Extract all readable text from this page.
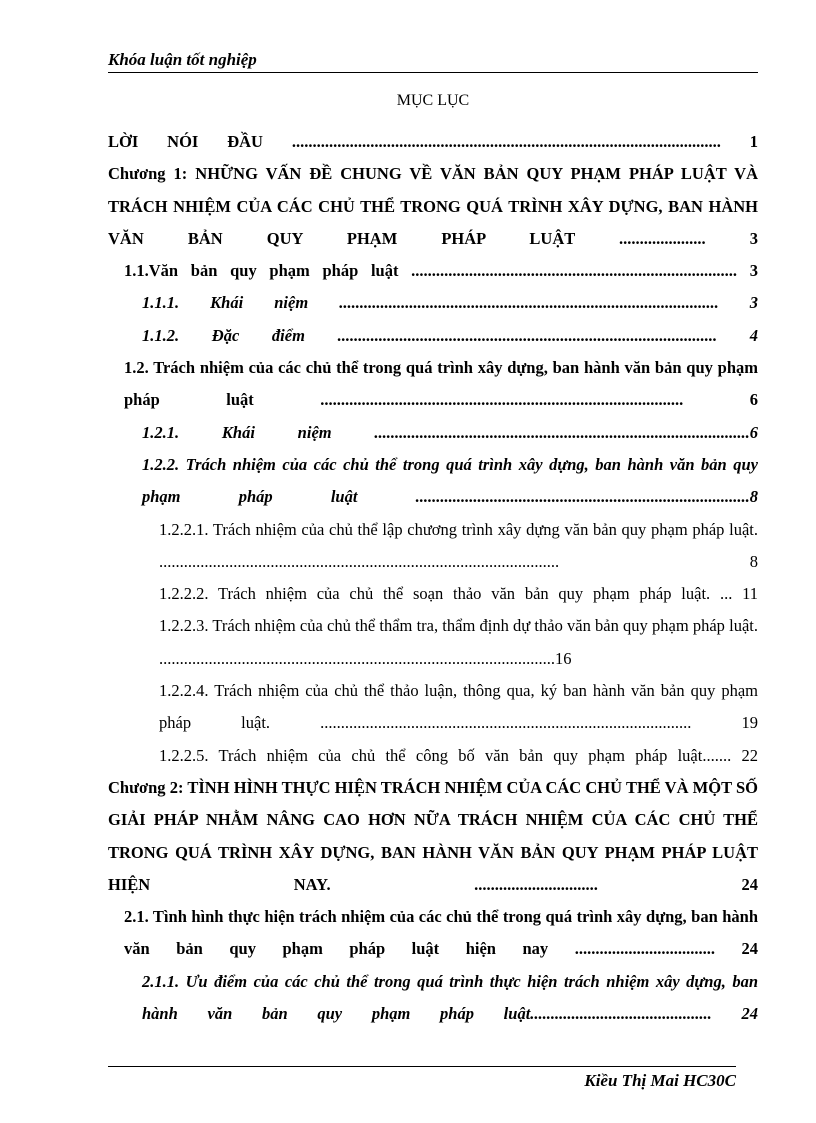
Khóa luận tốt nghiệp
MỤC LỤC
LỜI NÓI ĐẦU ........................................................................................................ 1
Chương 1: NHỮNG VẤN ĐỀ CHUNG VỀ VĂN BẢN QUY PHẠM PHÁP LUẬT VÀ TRÁCH NHIỆM CỦA CÁC CHỦ THỂ TRONG QUÁ TRÌNH XÂY DỰNG, BAN HÀNH VĂN BẢN QUY PHẠM PHÁP LUẬT ..................... 3
1.1.Văn bản quy phạm pháp luật ............................................................................... 3
1.1.1. Khái niệm ............................................................................................ 3
1.1.2. Đặc điểm ............................................................................................ 4
1.2. Trách nhiệm của các chủ thể trong quá trình xây dựng, ban hành văn bản quy phạm pháp luật ........................................................................................ 6
1.2.1. Khái niệm ...........................................................................................6
1.2.2. Trách nhiệm của các chủ thể trong quá trình xây dựng, ban hành văn bản quy phạm pháp luật .................................................................................8
1.2.2.1. Trách nhiệm của chủ thể lập chương trình xây dựng văn bản quy phạm pháp luật. ................................................................................................. 8
1.2.2.2. Trách nhiệm của chủ thể soạn thảo văn bản quy phạm pháp luật. ... 11
1.2.2.3. Trách nhiệm của chủ thể thẩm tra, thẩm định dự thảo văn bản quy phạm pháp luật. ................................................................................................16
1.2.2.4. Trách nhiệm của chủ thể thảo luận, thông qua, ký ban hành văn bản quy phạm pháp luật. .......................................................................................... 19
1.2.2.5. Trách nhiệm của chủ thể công bố văn bản quy phạm pháp luật....... 22
Chương 2: TÌNH HÌNH THỰC HIỆN TRÁCH NHIỆM CỦA CÁC CHỦ THỂ VÀ MỘT SỐ GIẢI PHÁP NHẰM NÂNG CAO HƠN NỮA TRÁCH NHIỆM CỦA CÁC CHỦ THỂ TRONG QUÁ TRÌNH XÂY DỰNG, BAN HÀNH VĂN BẢN QUY PHẠM PHÁP LUẬT HIỆN NAY. .............................. 24
2.1. Tình hình thực hiện trách nhiệm của các chủ thể trong quá trình xây dựng, ban hành văn bản quy phạm pháp luật hiện nay .................................. 24
2.1.1. Ưu điểm của các chủ thể trong quá trình thực hiện trách nhiệm xây dựng, ban hành văn bản quy phạm pháp luật............................................ 24
Kiều Thị Mai HC30C
